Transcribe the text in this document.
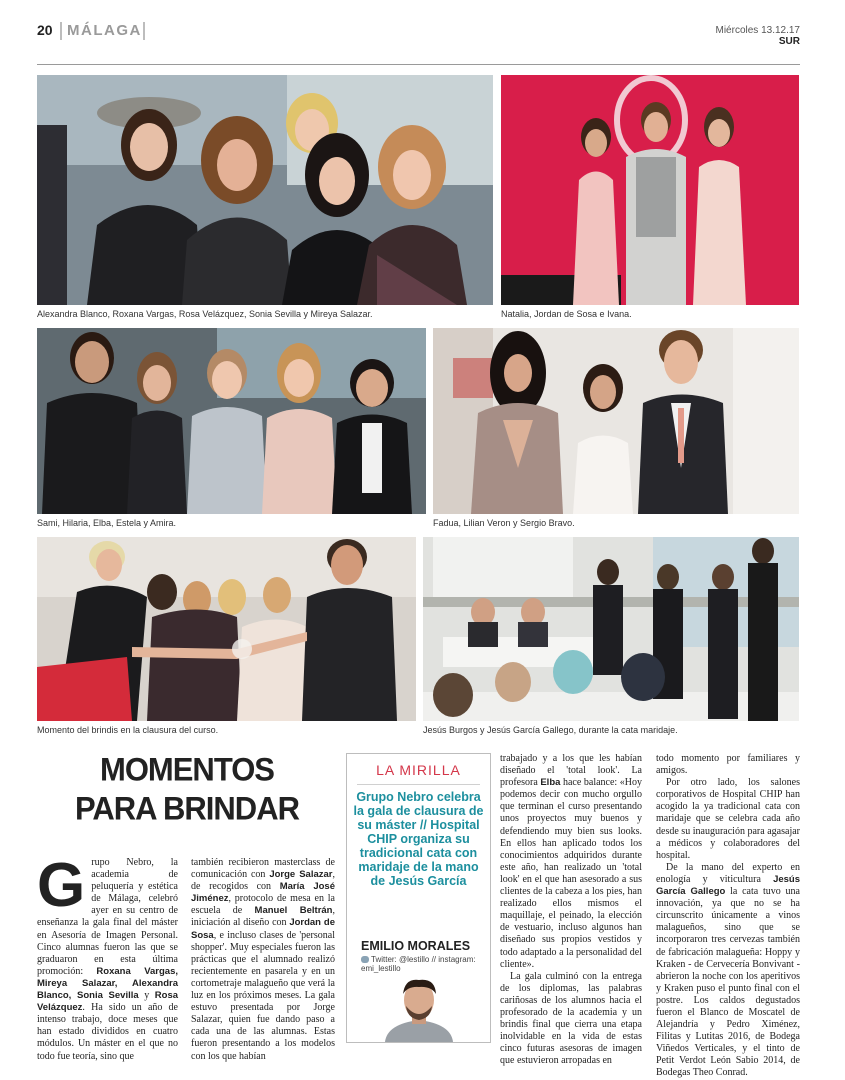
20 MÁLAGA	Miércoles 13.12.17
SUR
Alexandra Blanco, Roxana Vargas, Rosa Velázquez, Sonia Sevilla y Mireya Salazar.	Natalia, Jordan de Sosa e Ivana.
Sami, Hilaria, Elba, Estela y Amira.	Fadua, Lilian Veron y Sergio Bravo.
Momento del brindis en la clausura del curso.	Jesús Burgos y Jesús García Gallego, durante la cata maridaje.
MOMENTOS
PARA BRINDAR
Grupo Nebro, la academia de peluquería y estética de Málaga, celebró ayer en su centro de enseñanza la gala final del máster en Asesoría de Imagen Personal. Cinco alumnas fueron las que se graduaron en esta última promoción: Roxana Vargas, Mireya Salazar, Alexandra Blanco, Sonia Sevilla y Rosa Velázquez. Ha sido un año de intenso trabajo, doce meses que han estado divididos en cuatro módulos. Un máster en el que no todo fue teoría, sino que
también recibieron masterclass de comunicación con Jorge Salazar, de recogidos con María José Jiménez, protocolo de mesa en la escuela de Manuel Beltrán, iniciación al diseño con Jordan de Sosa, e incluso clases de 'personal shopper'. Muy especiales fueron las prácticas que el alumnado realizó recientemente en pasarela y en un cortometraje malagueño que verá la luz en los próximos meses. La gala estuvo presentada por Jorge Salazar, quien fue dando paso a cada una de las alumnas. Estas fueron presentando a los modelos con los que habían
LA MIRILLA
Grupo Nebro celebra la gala de clausura de su máster // Hospital CHIP organiza su tradicional cata con maridaje de la mano de Jesús García
EMILIO MORALES
Twitter: @lestillo // instagram: emi_lestillo
trabajado y a los que les habían diseñado el 'total look'. La profesora Elba hace balance: «Hoy podemos decir con mucho orgullo que terminan el curso presentando unos proyectos muy buenos y defendiendo muy bien sus looks. En ellos han aplicado todos los conocimientos adquiridos durante este año, han realizado un 'total look' en el que han asesorado a sus clientes de la cabeza a los pies, han realizado ellos mismos el maquillaje, el peinado, la elección de vestuario, incluso algunos han diseñado sus propios vestidos y todo adaptado a la personalidad del cliente».
La gala culminó con la entrega de los diplomas, las palabras cariñosas de los alumnos hacia el profesorado de la academia y un brindis final que cierra una etapa inolvidable en la vida de estas cinco futuras asesoras de imagen que estuvieron arropadas en
todo momento por familiares y amigos.
Por otro lado, los salones corporativos de Hospital CHIP han acogido la ya tradicional cata con maridaje que se celebra cada año desde su inauguración para agasajar a médicos y colaboradores del hospital.
De la mano del experto en enología y viticultura Jesús García Gallego la cata tuvo una innovación, ya que no se ha circunscrito únicamente a vinos malagueños, sino que se incorporaron tres cervezas también de fabricación malagueña: Hoppy y Kraken - de Cervecería Bonvivant - abrieron la noche con los aperitivos y Kraken puso el punto final con el postre. Los caldos degustados fueron el Blanco de Moscatel de Alejandría y Pedro Ximénez, Filitas y Lutitas 2016, de Bodega Viñedos Verticales, y el tinto de Petit Verdot León Sabio 2014, de Bodegas Theo Conrad.
